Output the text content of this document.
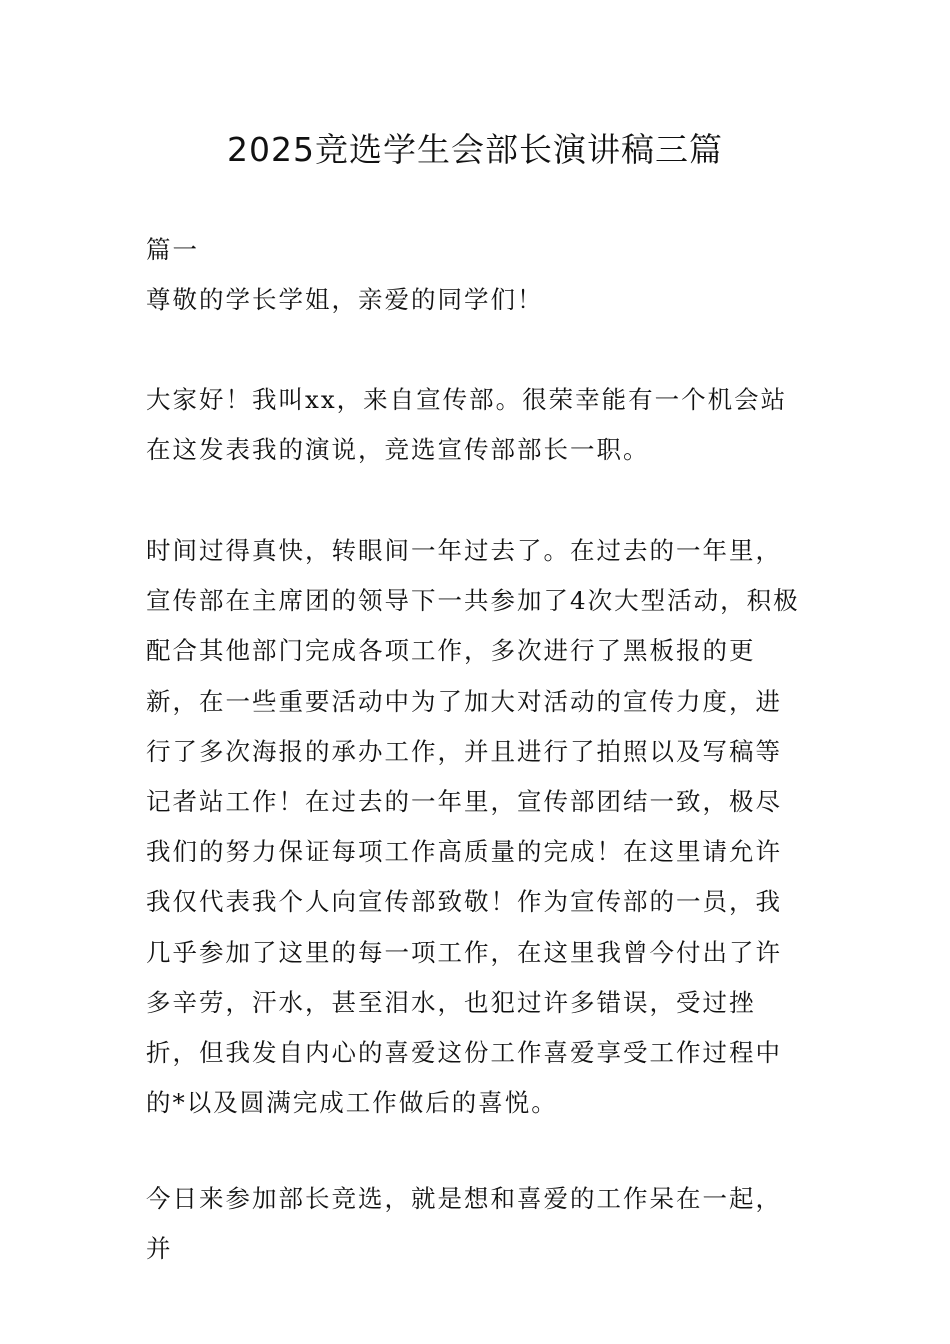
2025竞选学生会部长演讲稿三篇

篇一

尊敬的学长学姐，亲爱的同学们！

大家好！我叫xx，来自宣传部。很荣幸能有一个机会站在这发表我的演说，竞选宣传部部长一职。

时间过得真快，转眼间一年过去了。在过去的一年里，宣传部在主席团的领导下一共参加了4次大型活动，积极配合其他部门完成各项工作，多次进行了黑板报的更新，在一些重要活动中为了加大对活动的宣传力度，进行了多次海报的承办工作，并且进行了拍照以及写稿等记者站工作！在过去的一年里，宣传部团结一致，极尽我们的努力保证每项工作高质量的完成！在这里请允许我仅代表我个人向宣传部致敬！作为宣传部的一员，我几乎参加了这里的每一项工作，在这里我曾今付出了许多辛劳，汗水，甚至泪水，也犯过许多错误，受过挫折，但我发自内心的喜爱这份工作喜爱享受工作过程中的*以及圆满完成工作做后的喜悦。

今日来参加部长竞选，就是想和喜爱的工作呆在一起，并
